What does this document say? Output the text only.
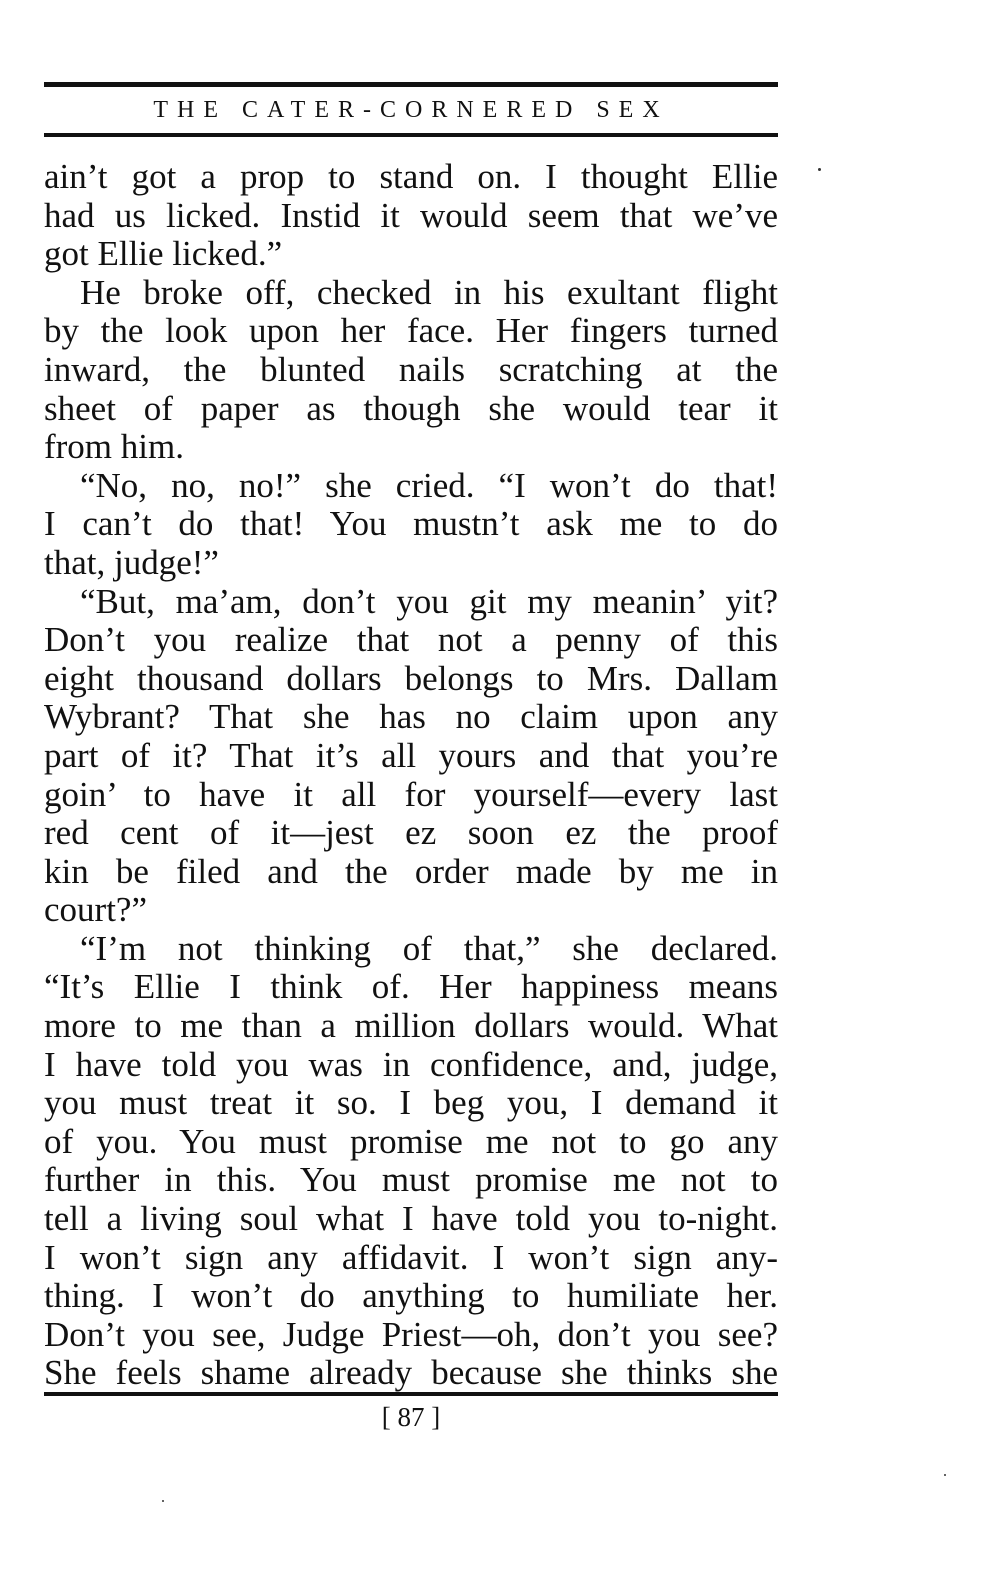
THE CATER-CORNERED SEX
ain’t got a prop to stand on. I thought Ellie
had us licked. Instid it would seem that we’ve
got Ellie licked.”
He broke off, checked in his exultant flight
by the look upon her face. Her fingers turned
inward, the blunted nails scratching at the
sheet of paper as though she would tear it
from him.
“No, no, no!” she cried. “I won’t do that!
I can’t do that! You mustn’t ask me to do
that, judge!”
“But, ma’am, don’t you git my meanin’ yit?
Don’t you realize that not a penny of this
eight thousand dollars belongs to Mrs. Dallam
Wybrant? That she has no claim upon any
part of it? That it’s all yours and that you’re
goin’ to have it all for yourself—every last
red cent of it—jest ez soon ez the proof
kin be filed and the order made by me in
court?”
“I’m not thinking of that,” she declared.
“It’s Ellie I think of. Her happiness means
more to me than a million dollars would. What
I have told you was in confidence, and, judge,
you must treat it so. I beg you, I demand it
of you. You must promise me not to go any
further in this. You must promise me not to
tell a living soul what I have told you to-night.
I won’t sign any affidavit. I won’t sign any-
thing. I won’t do anything to humiliate her.
Don’t you see, Judge Priest—oh, don’t you see?
She feels shame already because she thinks she
[ 87 ]
